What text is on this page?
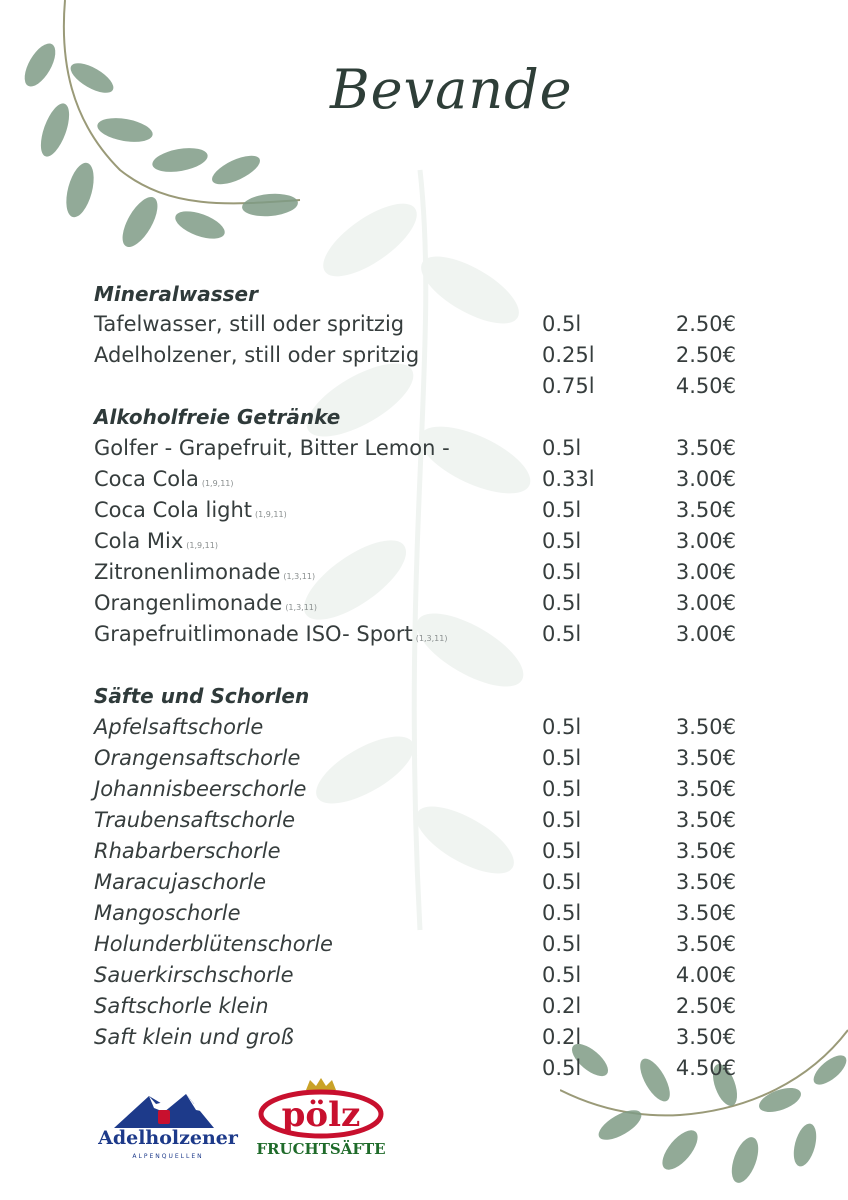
Bevande
Mineralwasser
Tafelwasser, still oder spritzig	0.5l	2.50€
Adelholzener, still oder spritzig	0.25l	2.50€
0.75l	4.50€
Alkoholfreie Getränke
Golfer - Grapefruit, Bitter Lemon -	0.5l	3.50€
Coca Cola (1,9,11)	0.33l	3.00€
Coca Cola light (1,9,11)	0.5l	3.50€
Cola Mix (1,9,11)	0.5l	3.00€
Zitronenlimonade (1,3,11)	0.5l	3.00€
Orangenlimonade (1,3,11)	0.5l	3.00€
Grapefruitlimonade ISO- Sport (1,3,11)	0.5l	3.00€
Säfte und Schorlen
Apfelsaftschorle	0.5l	3.50€
Orangensaftschorle	0.5l	3.50€
Johannisbeerschorle	0.5l	3.50€
Traubensaftschorle	0.5l	3.50€
Rhabarberschorle	0.5l	3.50€
Maracujaschorle	0.5l	3.50€
Mangoschorle	0.5l	3.50€
Holunderblütenschorle	0.5l	3.50€
Sauerkirschschorle	0.5l	4.00€
Saftschorle klein	0.2l	2.50€
Saft klein und groß	0.2l	3.50€
0.5l	4.50€
Adelholzener
ALPENQUELLEN
pölz
FRUCHTSÄFTE
